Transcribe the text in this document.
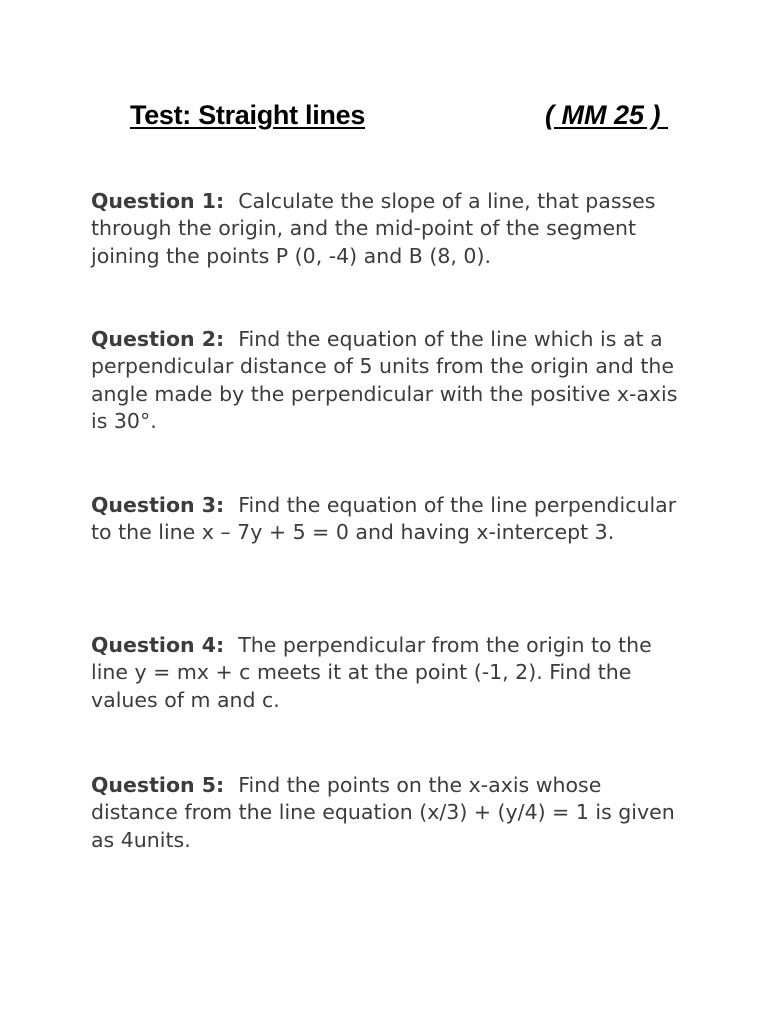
Test: Straight lines	( MM 25 )

Question 1: Calculate the slope of a line, that passes through the origin, and the mid-point of the segment joining the points P (0, -4) and B (8, 0).

Question 2: Find the equation of the line which is at a perpendicular distance of 5 units from the origin and the angle made by the perpendicular with the positive x-axis is 30°.

Question 3: Find the equation of the line perpendicular to the line x – 7y + 5 = 0 and having x-intercept 3.

Question 4: The perpendicular from the origin to the line y = mx + c meets it at the point (-1, 2). Find the values of m and c.

Question 5: Find the points on the x-axis whose distance from the line equation (x/3) + (y/4) = 1 is given as 4units.
